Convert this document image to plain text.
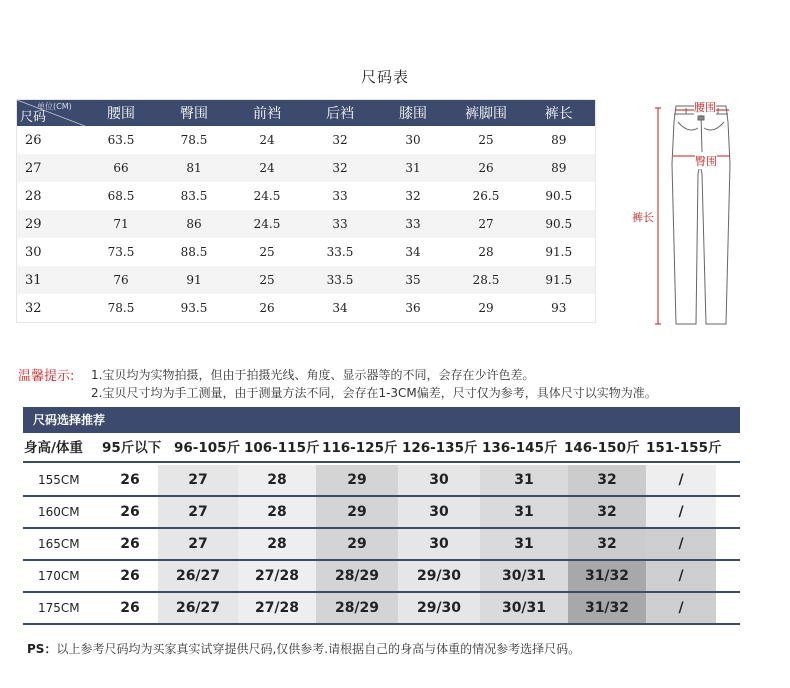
尺码表
单位(CM)
尺码	腰围	臀围	前裆	后裆	膝围	裤脚围	裤长
26	63.5	78.5	24	32	30	25	89
27	66	81	24	32	31	26	89
28	68.5	83.5	24.5	33	32	26.5	90.5
29	71	86	24.5	33	33	27	90.5
30	73.5	88.5	25	33.5	34	28	91.5
31	76	91	25	33.5	35	28.5	91.5
32	78.5	93.5	26	34	36	29	93
腰围
臀围
裤长
温馨提示: 1.宝贝均为实物拍摄，但由于拍摄光线、角度、显示器等的不同，会存在少许色差。
2.宝贝尺寸均为手工测量，由于测量方法不同，会存在1-3CM偏差，尺寸仅为参考，具体尺寸以实物为准。
尺码选择推荐
身高/体重 95斤以下 96-105斤 106-115斤 116-125斤 126-135斤 136-145斤 146-150斤 151-155斤
155CM	26	27	28	29	30	31	32	/
160CM	26	27	28	29	30	31	32	/
165CM	26	27	28	29	30	31	32	/
170CM	26	26/27	27/28	28/29	29/30	30/31	31/32	/
175CM	26	26/27	27/28	28/29	29/30	30/31	31/32	/
PS：以上参考尺码均为买家真实试穿提供尺码,仅供参考.请根据自己的身高与体重的情况参考选择尺码。
